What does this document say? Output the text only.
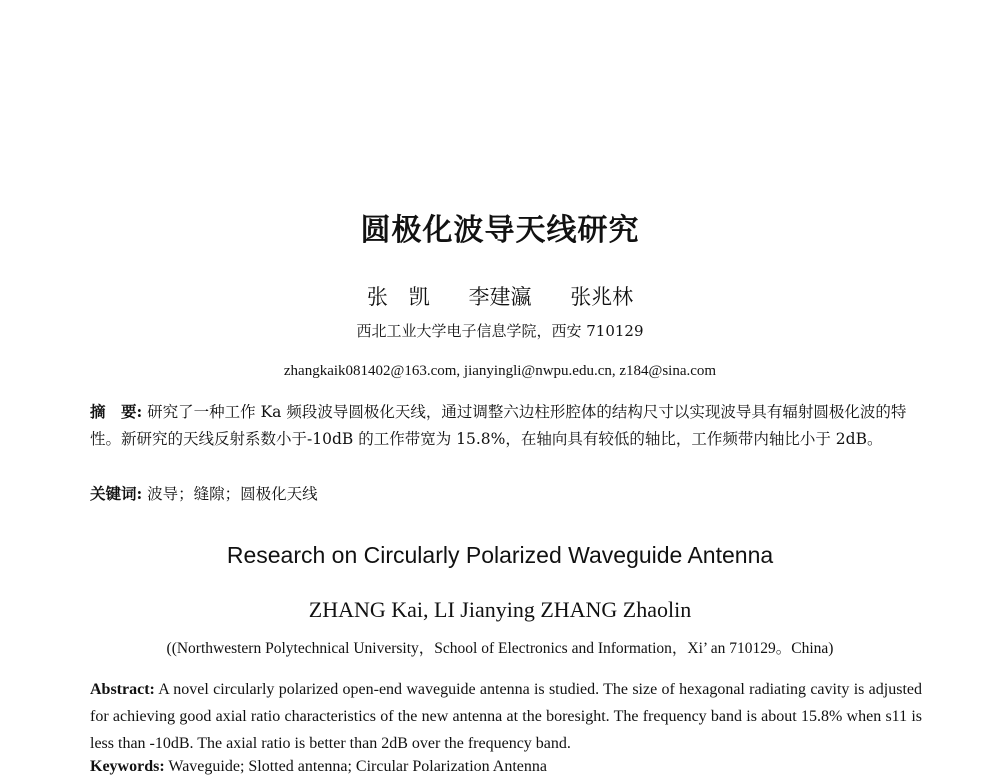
圆极化波导天线研究
张　凯 李建瀛 张兆林
西北工业大学电子信息学院，西安 710129
zhangkaik081402@163.com, jianyingli@nwpu.edu.cn, z184@sina.com
摘　要: 研究了一种工作 Ka 频段波导圆极化天线，通过调整六边柱形腔体的结构尺寸以实现波导具有辐射圆极化波的特性。新研究的天线反射系数小于-10dB 的工作带宽为 15.8%，在轴向具有较低的轴比，工作频带内轴比小于 2dB。
关键词: 波导；缝隙；圆极化天线
Research on Circularly Polarized Waveguide Antenna
ZHANG Kai, LI Jianying ZHANG Zhaolin
((Northwestern Polytechnical University，School of Electronics and Information，Xi’ an 710129。China)
Abstract: A novel circularly polarized open-end waveguide antenna is studied. The size of hexagonal radiating cavity is adjusted for achieving good axial ratio characteristics of the new antenna at the boresight. The frequency band is about 15.8% when s11 is less than -10dB. The axial ratio is better than 2dB over the frequency band.
Keywords: Waveguide; Slotted antenna; Circular Polarization Antenna
